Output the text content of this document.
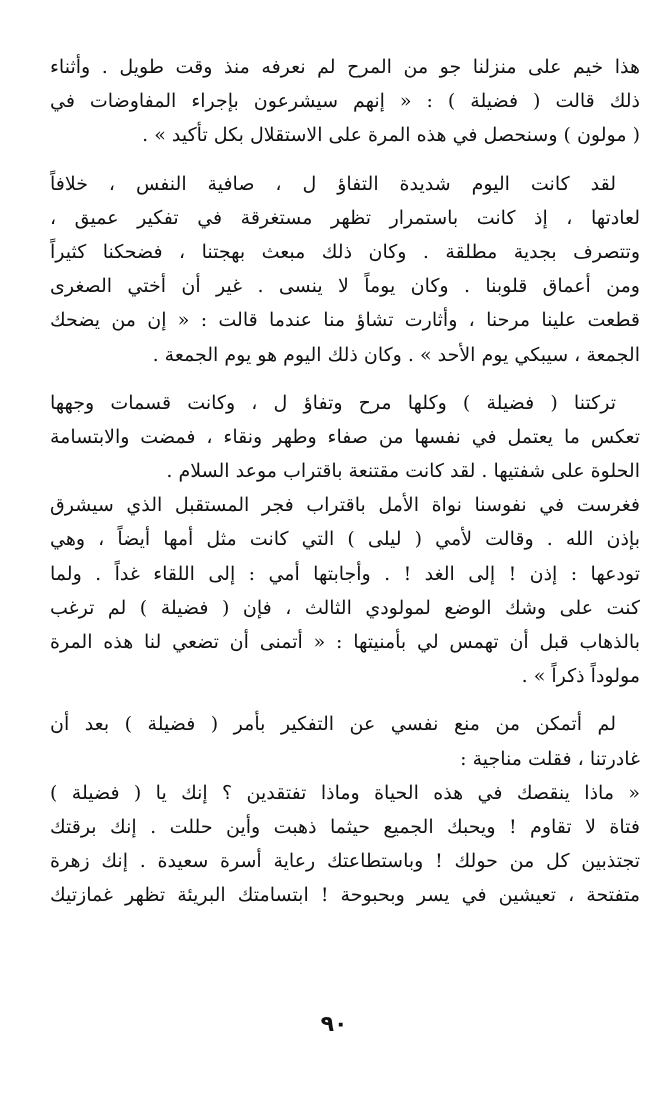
هذا خيم على منزلنا جو من المرح لم نعرفه منذ وقت طويل . وأثناء
ذلك قالت ( فضيلة ) : « إنهم سيشرعون بإجراء المفاوضات في
( مولون ) وسنحصل في هذه المرة على الاستقلال بكل تأكيد » .
لقد كانت اليوم شديدة التفاؤ ل ، صافية النفس ، خلافاً
لعادتها ، إذ كانت باستمرار تظهر مستغرقة في تفكير عميق ،
وتتصرف بجدية مطلقة . وكان ذلك مبعث بهجتنا ، فضحكنا كثيراً
ومن أعماق قلوبنا . وكان يوماً لا ينسى . غير أن أختي الصغرى
قطعت علينا مرحنا ، وأثارت تشاؤ منا عندما قالت : « إن من يضحك
الجمعة ، سيبكي يوم الأحد » . وكان ذلك اليوم هو يوم الجمعة .
تركتنا ( فضيلة ) وكلها مرح وتفاؤ ل ، وكانت قسمات وجهها
تعكس ما يعتمل في نفسها من صفاء وطهر ونقاء ، فمضت والابتسامة
الحلوة على شفتيها . لقد كانت مقتنعة باقتراب موعد السلام .
فغرست في نفوسنا نواة الأمل باقتراب فجر المستقبل الذي سيشرق
بإذن الله . وقالت لأمي ( ليلى ) التي كانت مثل أمها أيضاً ، وهي
تودعها : إذن ! إلى الغد ! . وأجابتها أمي : إلى اللقاء غداً . ولما
كنت على وشك الوضع لمولودي الثالث ، فإن ( فضيلة ) لم ترغب
بالذهاب قبل أن تهمس لي بأمنيتها : « أتمنى أن تضعي لنا هذه المرة
مولوداً ذكراً » .
لم أتمكن من منع نفسي عن التفكير بأمر ( فضيلة ) بعد أن
غادرتنا ، فقلت مناجية :
« ماذا ينقصك في هذه الحياة وماذا تفتقدين ؟ إنك يا ( فضيلة )
فتاة لا تقاوم ! ويحبك الجميع حيثما ذهبت وأين حللت . إنك برقتك
تجتذبين كل من حولك ! وباستطاعتك رعاية أسرة سعيدة . إنك زهرة
متفتحة ، تعيشين في يسر وبحبوحة ! ابتسامتك البريئة تظهر غمازتيك
٩٠
